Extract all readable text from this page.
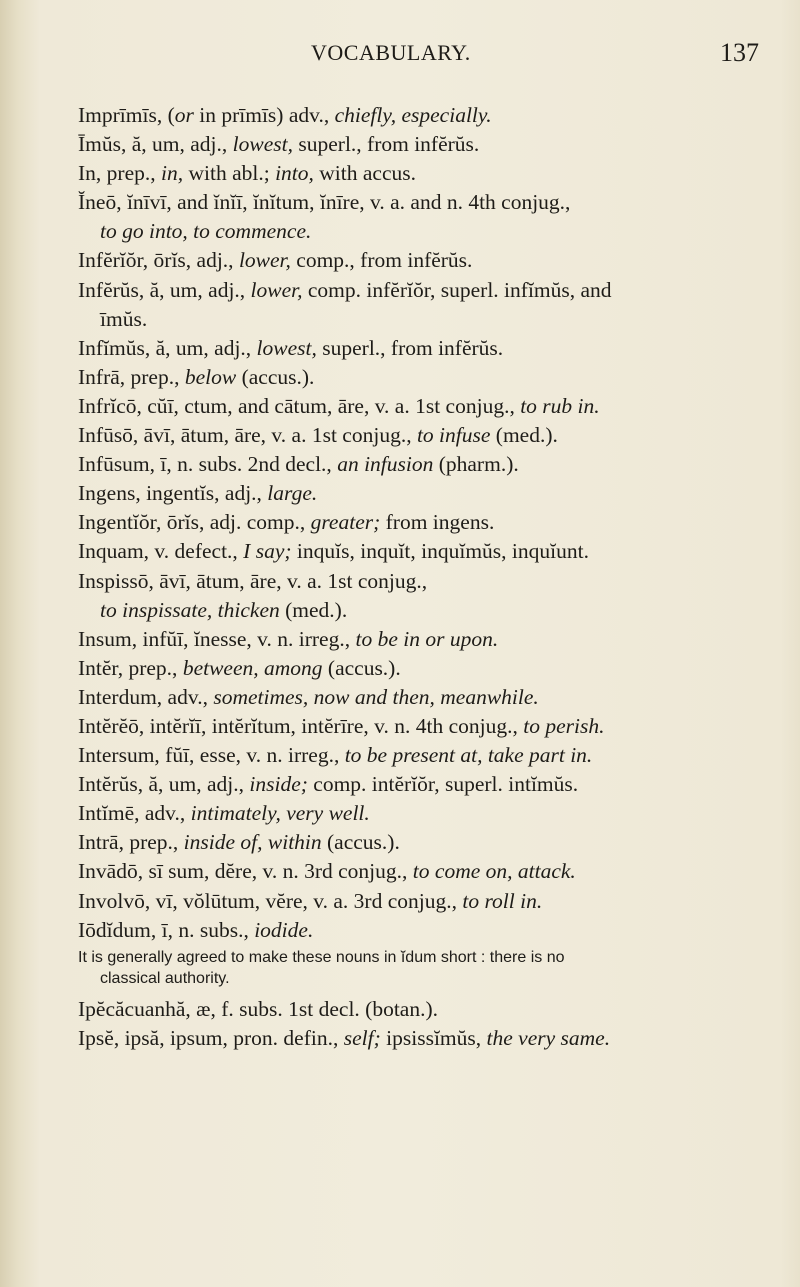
VOCABULARY.	137

Imprīmīs, (or in prīmīs) adv., chiefly, especially.

Īmŭs, ă, um, adj., lowest, superl., from infĕrŭs.

In, prep., in, with abl.; into, with accus.

Ĭneō, ĭnīvī, and ĭnĭī, ĭnĭtum, ĭnīre, v. a. and n. 4th conjug.,

to go into, to commence.

Infĕrĭŏr, ōrĭs, adj., lower, comp., from infĕrŭs.

Infĕrŭs, ă, um, adj., lower, comp. infĕrĭŏr, superl. infĭmŭs, and

īmŭs.

Infĭmŭs, ă, um, adj., lowest, superl., from infĕrŭs.

Infrā, prep., below (accus.).

Infrĭcō, cŭī, ctum, and cātum, āre, v. a. 1st conjug., to rub in.

Infūsō, āvī, ātum, āre, v. a. 1st conjug., to infuse (med.).

Infūsum, ī, n. subs. 2nd decl., an infusion (pharm.).

Ingens, ingentĭs, adj., large.

Ingentĭŏr, ōrĭs, adj. comp., greater; from ingens.

Inquam, v. defect., I say; inquĭs, inquĭt, inquĭmŭs, inquĭunt.

Inspissō, āvī, ātum, āre, v. a. 1st conjug.,

to inspissate, thicken (med.).

Insum, infŭī, ĭnesse, v. n. irreg., to be in or upon.

Intĕr, prep., between, among (accus.).

Interdum, adv., sometimes, now and then, meanwhile.

Intĕrĕō, intĕrĭī, intĕrĭtum, intĕrīre, v. n. 4th conjug., to perish.

Intersum, fŭī, esse, v. n. irreg., to be present at, take part in.

Intĕrŭs, ă, um, adj., inside; comp. intĕrĭŏr, superl. intĭmŭs.

Intĭmē, adv., intimately, very well.

Intrā, prep., inside of, within (accus.).

Invādō, sī sum, dĕre, v. n. 3rd conjug., to come on, attack.

Involvō, vī, vŏlūtum, vĕre, v. a. 3rd conjug., to roll in.

Iōdĭdum, ī, n. subs., iodide.

It is generally agreed to make these nouns in ĭdum short : there is no
classical authority.

Ipĕcăcuanhă, æ, f. subs. 1st decl. (botan.).

Ipsĕ, ipsă, ipsum, pron. defin., self; ipsissĭmŭs, the very same.
